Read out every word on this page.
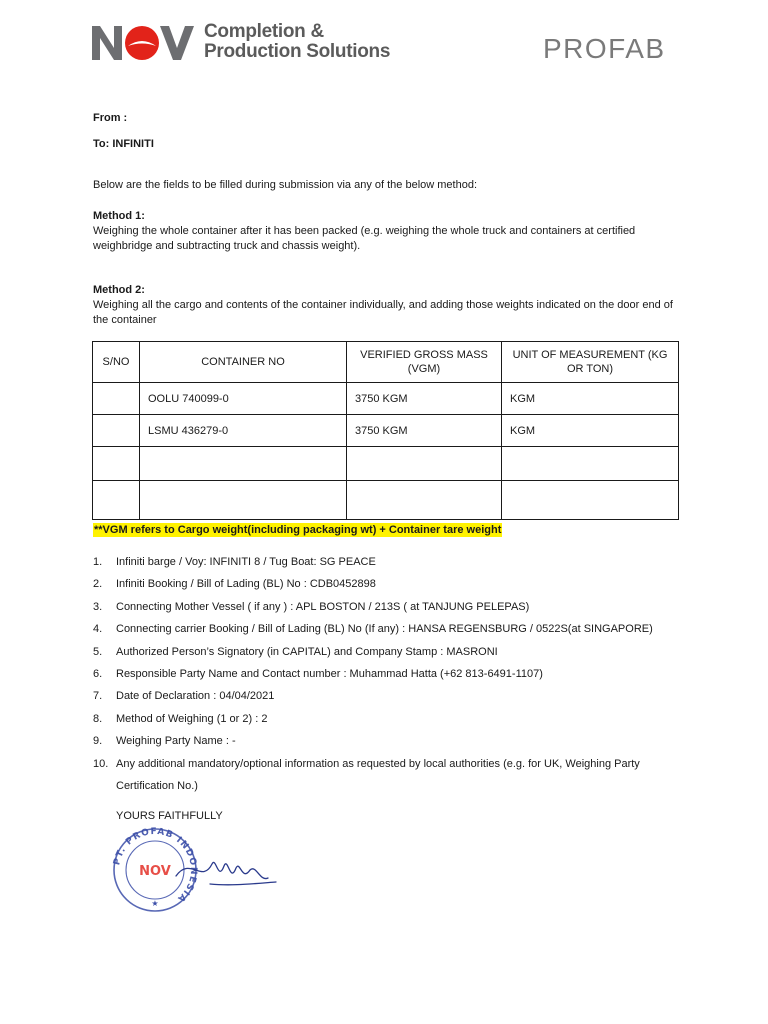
Completion &
Production Solutions	PROFAB
From :
To: INFINITI
Below are the fields to be filled during submission via any of the below method:
Method 1:
Weighing the whole container after it has been packed (e.g. weighing the whole truck and containers at certified weighbridge and subtracting truck and chassis weight).
Method 2:
Weighing all the cargo and contents of the container individually, and adding those weights indicated on the door end of the container
S/NO	CONTAINER NO	VERIFIED GROSS MASS (VGM)	UNIT OF MEASUREMENT (KG OR TON)
	OOLU 740099-0	3750 KGM	KGM
	LSMU 436279-0	3750 KGM	KGM

**VGM refers to Cargo weight(including packaging wt) + Container tare weight
1. Infiniti barge / Voy: INFINITI 8 / Tug Boat: SG PEACE
2. Infiniti Booking / Bill of Lading (BL) No : CDB0452898
3. Connecting Mother Vessel ( if any ) : APL BOSTON / 213S ( at TANJUNG PELEPAS)
4. Connecting carrier Booking / Bill of Lading (BL) No (If any) : HANSA REGENSBURG / 0522S(at SINGAPORE)
5. Authorized Person’s Signatory (in CAPITAL) and Company Stamp : MASRONI
6. Responsible Party Name and Contact number : Muhammad Hatta (+62 813-6491-1107)
7. Date of Declaration : 04/04/2021
8. Method of Weighing (1 or 2) : 2
9. Weighing Party Name : -
10. Any additional mandatory/optional information as requested by local authorities (e.g. for UK, Weighing Party Certification No.)
YOURS FAITHFULLY
PT. PROFAB INDONESIA
NOV
★
